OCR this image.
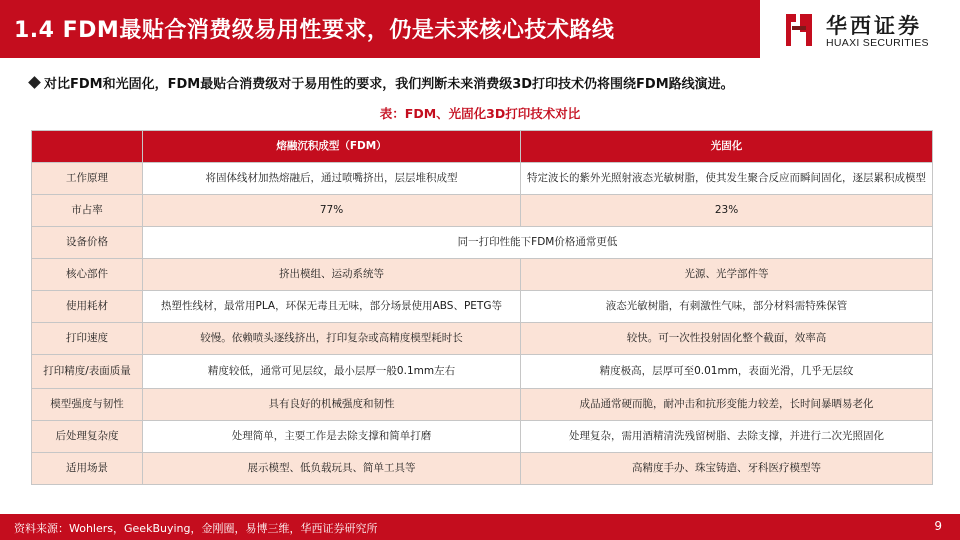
1.4 FDM最贴合消费级易用性要求，仍是未来核心技术路线	华西证券
HUAXI SECURITIES
对比FDM和光固化，FDM最贴合消费级对于易用性的要求，我们判断未来消费级3D打印技术仍将围绕FDM路线演进。
表：FDM、光固化3D打印技术对比
	熔融沉积成型（FDM）	光固化
工作原理	将固体线材加热熔融后，通过喷嘴挤出，层层堆积成型	特定波长的紫外光照射液态光敏树脂，使其发生聚合反应而瞬间固化，逐层累积成模型
市占率	77%	23%
设备价格	同一打印性能下FDM价格通常更低	
核心部件	挤出模组、运动系统等	光源、光学部件等
使用耗材	热塑性线材，最常用PLA，环保无毒且无味，部分场景使用ABS、PETG等	液态光敏树脂，有刺激性气味，部分材料需特殊保管
打印速度	较慢。依赖喷头逐线挤出，打印复杂或高精度模型耗时长	较快。可一次性投射固化整个截面，效率高
打印精度/表面质量	精度较低，通常可见层纹，最小层厚一般0.1mm左右	精度极高，层厚可至0.01mm，表面光滑，几乎无层纹
模型强度与韧性	具有良好的机械强度和韧性	成品通常硬而脆，耐冲击和抗形变能力较差，长时间暴晒易老化
后处理复杂度	处理简单，主要工作是去除支撑和简单打磨	处理复杂，需用酒精清洗残留树脂、去除支撑，并进行二次光照固化
适用场景	展示模型、低负载玩具、简单工具等	高精度手办、珠宝铸造、牙科医疗模型等
资料来源：Wohlers，GeekBuying，金刚圈，易博三维，华西证券研究所	9
